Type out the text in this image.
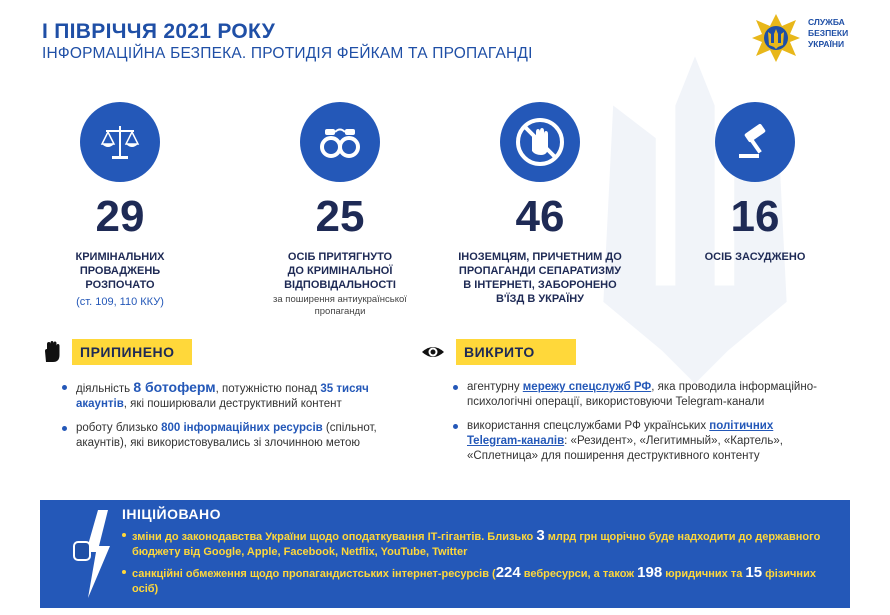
І ПІВРІЧЧЯ 2021 РОКУ
ІНФОРМАЦІЙНА БЕЗПЕКА. ПРОТИДІЯ ФЕЙКАМ ТА ПРОПАГАНДІ
СЛУЖБА
БЕЗПЕКИ
УКРАЇНИ
29
КРИМІНАЛЬНИХ
ПРОВАДЖЕНЬ
РОЗПОЧАТО
(ст. 109, 110 ККУ)
25
ОСІБ ПРИТЯГНУТО
ДО КРИМІНАЛЬНОЇ
ВІДПОВІДАЛЬНОСТІ
за поширення антиукраїнської
пропаганди
46
ІНОЗЕМЦЯМ, ПРИЧЕТНИМ ДО
ПРОПАГАНДИ СЕПАРАТИЗМУ
В ІНТЕРНЕТІ, ЗАБОРОНЕНО
В'ЇЗД В УКРАЇНУ
16
ОСІБ ЗАСУДЖЕНО
ПРИПИНЕНО
діяльність 8 ботоферм, потужністю понад 35 тисяч акаунтів, які поширювали деструктивний контент
роботу близько 800 інформаційних ресурсів (спільнот, акаунтів), які використовувались зі злочинною метою
ВИКРИТО
агентурну мережу спецслужб РФ, яка проводила інформаційно-психологічні операції, використовуючи Telegram-канали
використання спецслужбами РФ українських політичних Telegram-каналів: «Резидент», «Легитимный», «Картель», «Сплетница» для поширення деструктивного контенту
ІНІЦІЙОВАНО
зміни до законодавства України щодо оподаткування ІТ-гігантів. Близько 3 млрд грн щорічно буде надходити до державного бюджету від Google, Apple, Facebook, Netflix, YouTube, Twitter
санкційні обмеження щодо пропагандистських інтернет-ресурсів (224 вебресурси, а також 198 юридичних та 15 фізичних осіб)
